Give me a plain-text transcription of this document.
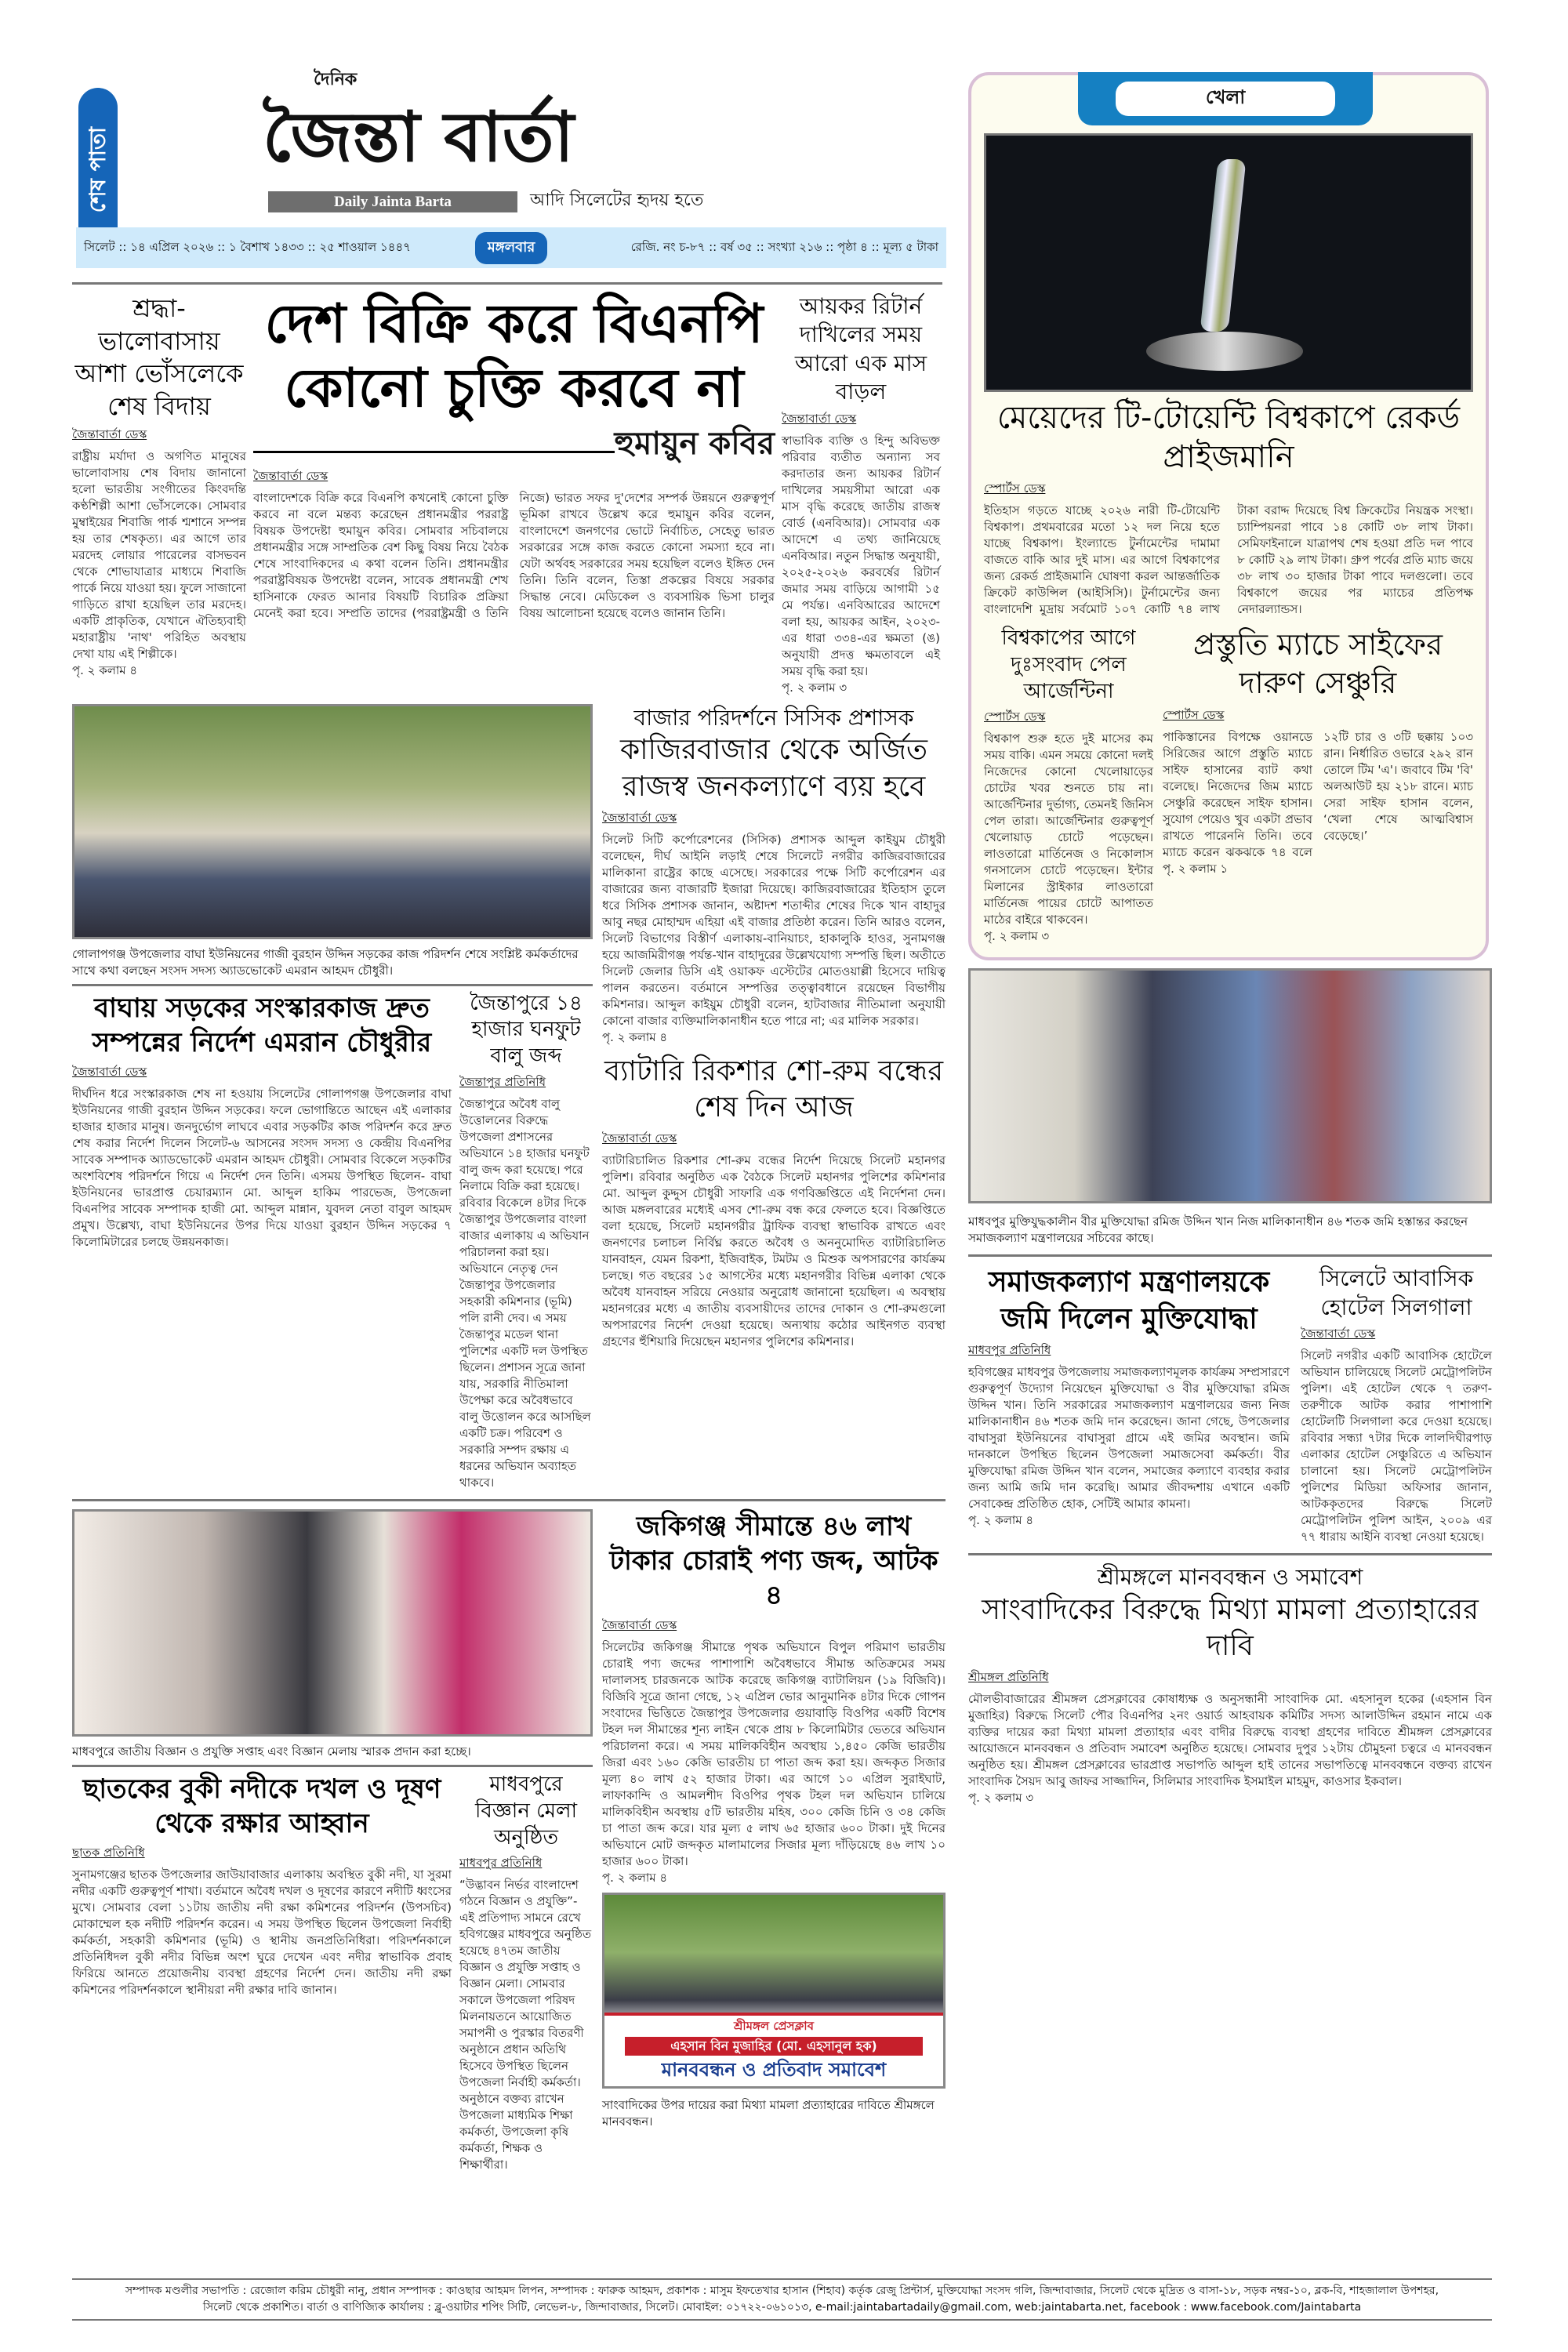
শেষ পাতা
দৈনিক
জৈন্তা বার্তা
Daily Jainta Barta	আদি সিলেটের হৃদয় হতে
সিলেট :: ১৪ এপ্রিল ২০২৬ :: ১ বৈশাখ ১৪৩৩ :: ২৫ শাওয়াল ১৪৪৭	মঙ্গলবার	রেজি. নং চ-৮৭ :: বর্ষ ৩৫ :: সংখ্যা ২১৬ :: পৃষ্ঠা ৪ :: মূল্য ৫ টাকা
শ্রদ্ধা-ভালোবাসায় আশা ভোঁসলেকে শেষ বিদায়
জৈন্তাবার্তা ডেস্ক

রাষ্ট্রীয় মর্যাদা ও অগণিত মানুষের ভালোবাসায় শেষ বিদায় জানানো হলো ভারতীয় সংগীতের কিংবদন্তি কণ্ঠশিল্পী আশা ভোঁসলেকে। সোমবার মুম্বাইয়ের শিবাজি পার্ক শ্মশানে সম্পন্ন হয় তার শেষকৃত্য। এর আগে তার মরদেহ লোয়ার পারেলের বাসভবন থেকে শোভাযাত্রার মাধ্যমে শিবাজি পার্কে নিয়ে যাওয়া হয়। ফুলে সাজানো গাড়িতে রাখা হয়েছিল তার মরদেহ। একটি প্রাকৃতিক, যেখানে ঐতিহ্যবাহী মহারাষ্ট্রীয় 'নাথ' পরিহিত অবস্থায় দেখা যায় এই শিল্পীকে।

পৃ. ২ কলাম ৪
দেশ বিক্রি করে বিএনপি কোনো চুক্তি করবে না
হুমায়ুন কবির
জৈন্তাবার্তা ডেস্ক

বাংলাদেশকে বিক্রি করে বিএনপি কখনোই কোনো চুক্তি করবে না বলে মন্তব্য করেছেন প্রধানমন্ত্রীর পররাষ্ট্র বিষয়ক উপদেষ্টা হুমায়ুন কবির। সোমবার সচিবালয়ে প্রধানমন্ত্রীর সঙ্গে সাম্প্রতিক বেশ কিছু বিষয় নিয়ে বৈঠক শেষে সাংবাদিকদের এ কথা বলেন তিনি। প্রধানমন্ত্রীর পররাষ্ট্রবিষয়ক উপদেষ্টা বলেন, সাবেক প্রধানমন্ত্রী শেখ হাসিনাকে ফেরত আনার বিষয়টি বিচারিক প্রক্রিয়া মেনেই করা হবে। সম্প্রতি তাদের (পররাষ্ট্রমন্ত্রী ও তিনি নিজে) ভারত সফর দু'দেশের সম্পর্ক উন্নয়নে গুরুত্বপূর্ণ ভূমিকা রাখবে উল্লেখ করে হুমায়ুন কবির বলেন, বাংলাদেশে জনগণের ভোটে নির্বাচিত, সেহেতু ভারত সরকারের সঙ্গে কাজ করতে কোনো সমস্যা হবে না। যেটা অর্থবহ সরকারের সময় হয়েছিল বলেও ইঙ্গিত দেন তিনি। তিনি বলেন, তিস্তা প্রকল্পের বিষয়ে সরকার সিদ্ধান্ত নেবে। মেডিকেল ও ব্যবসায়িক ভিসা চালুর বিষয় আলোচনা হয়েছে বলেও জানান তিনি।

আয়কর রিটার্ন দাখিলের সময় আরো এক মাস বাড়ল
জৈন্তাবার্তা ডেস্ক

স্বাভাবিক ব্যক্তি ও হিন্দু অবিভক্ত পরিবার ব্যতীত অন্যান্য সব করদাতার জন্য আয়কর রিটার্ন দাখিলের সময়সীমা আরো এক মাস বৃদ্ধি করেছে জাতীয় রাজস্ব বোর্ড (এনবিআর)। সোমবার এক আদেশে এ তথ্য জানিয়েছে এনবিআর। নতুন সিদ্ধান্ত অনুযায়ী, ২০২৫-২০২৬ করবর্ষের রিটার্ন জমার সময় বাড়িয়ে আগামী ১৫ মে পর্যন্ত। এনবিআরের আদেশে বলা হয়, আয়কর আইন, ২০২৩-এর ধারা ৩৩৪-এর ক্ষমতা (ঙ) অনুযায়ী প্রদত্ত ক্ষমতাবলে এই সময় বৃদ্ধি করা হয়।

পৃ. ২ কলাম ৩

গোলাপগঞ্জ উপজেলার বাঘা ইউনিয়নের গাজী বুরহান উদ্দিন সড়কের কাজ পরিদর্শন শেষে সংশ্লিষ্ট কর্মকর্তাদের সাথে কথা বলছেন সংসদ সদস্য অ্যাডভোকেট এমরান আহমদ চৌধুরী।

বাঘায় সড়কের সংস্কারকাজ দ্রুত সম্পন্নের নির্দেশ এমরান চৌধুরীর
জৈন্তাবার্তা ডেস্ক

দীর্ঘদিন ধরে সংস্কারকাজ শেষ না হওয়ায় সিলেটের গোলাপগঞ্জ উপজেলার বাঘা ইউনিয়নের গাজী বুরহান উদ্দিন সড়কের। ফলে ভোগান্তিতে আছেন এই এলাকার হাজার হাজার মানুষ। জনদুর্ভোগ লাঘবে এবার সড়কটির কাজ পরিদর্শন করে দ্রুত শেষ করার নির্দেশ দিলেন সিলেট-৬ আসনের সংসদ সদস্য ও কেন্দ্রীয় বিএনপির সাবেক সম্পাদক অ্যাডভোকেট এমরান আহমদ চৌধুরী। সোমবার বিকেলে সড়কটির অংশবিশেষ পরিদর্শনে গিয়ে এ নির্দেশ দেন তিনি। এসময় উপস্থিত ছিলেন- বাঘা ইউনিয়নের ভারপ্রাপ্ত চেয়ারম্যান মো. আব্দুল হাকিম পারভেজ, উপজেলা বিএনপির সাবেক সম্পাদক হাজী মো. আব্দুল মান্নান, যুবদল নেতা বাবুল আহমদ প্রমুখ। উল্লেখ্য, বাঘা ইউনিয়নের উপর দিয়ে যাওয়া বুরহান উদ্দিন সড়কের ৭ কিলোমিটারের চলছে উন্নয়নকাজ।

জৈন্তাপুরে ১৪ হাজার ঘনফুট বালু জব্দ
জৈন্তাপুর প্রতিনিধি

জৈন্তাপুরে অবৈধ বালু উত্তোলনের বিরুদ্ধে উপজেলা প্রশাসনের অভিযানে ১৪ হাজার ঘনফুট বালু জব্দ করা হয়েছে। পরে নিলামে বিক্রি করা হয়েছে। রবিবার বিকেলে ৪টার দিকে জৈন্তাপুর উপজেলার বাংলা বাজার এলাকায় এ অভিযান পরিচালনা করা হয়। অভিযানে নেতৃত্ব দেন জৈন্তাপুর উপজেলার সহকারী কমিশনার (ভূমি) পলি রানী দেব। এ সময় জৈন্তাপুর মডেল থানা পুলিশের একটি দল উপস্থিত ছিলেন। প্রশাসন সূত্রে জানা যায়, সরকারি নীতিমালা উপেক্ষা করে অবৈধভাবে বালু উত্তোলন করে আসছিল একটি চক্র। পরিবেশ ও সরকারি সম্পদ রক্ষায় এ ধরনের অভিযান অব্যাহত থাকবে।

বাজার পরিদর্শনে সিসিক প্রশাসক
কাজিরবাজার থেকে অর্জিত রাজস্ব জনকল্যাণে ব্যয় হবে
জৈন্তাবার্তা ডেস্ক

সিলেট সিটি কর্পোরেশনের (সিসিক) প্রশাসক আব্দুল কাইয়ুম চৌধুরী বলেছেন, দীর্ঘ আইনি লড়াই শেষে সিলেটে নগরীর কাজিরবাজারের মালিকানা রাষ্ট্রের কাছে এসেছে। সরকারের পক্ষে সিটি কর্পোরেশন এর বাজারের জন্য বাজারটি ইজারা দিয়েছে। কাজিরবাজারের ইতিহাস তুলে ধরে সিসিক প্রশাসক জানান, অষ্টাদশ শতাব্দীর শেষের দিকে খান বাহাদুর আবু নছর মোহাম্মদ এহিয়া এই বাজার প্রতিষ্ঠা করেন। তিনি আরও বলেন, সিলেট বিভাগের বিস্তীর্ণ এলাকায়-বানিয়াচং, হাকালুকি হাওর, সুনামগঞ্জ হয়ে আজমিরীগঞ্জ পর্যন্ত-খান বাহাদুরের উল্লেখযোগ্য সম্পত্তি ছিল। অতীতে সিলেট জেলার ডিসি এই ওয়াকফ এস্টেটের মোতওয়াল্লী হিসেবে দায়িত্ব পালন করতেন। বর্তমানে সম্পত্তির তত্ত্বাবধানে রয়েছেন বিভাগীয় কমিশনার। আব্দুল কাইয়ুম চৌধুরী বলেন, হাটবাজার নীতিমালা অনুযায়ী কোনো বাজার ব্যক্তিমালিকানাধীন হতে পারে না; এর মালিক সরকার।

পৃ. ২ কলাম ৪
ব্যাটারি রিকশার শো-রুম বন্ধের শেষ দিন আজ
জৈন্তাবার্তা ডেস্ক

ব্যাটারিচালিত রিকশার শো-রুম বন্ধের নির্দেশ দিয়েছে সিলেট মহানগর পুলিশ। রবিবার অনুষ্ঠিত এক বৈঠকে সিলেট মহানগর পুলিশের কমিশনার মো. আব্দুল কুদ্দুস চৌধুরী সাফারি এক গণবিজ্ঞপ্তিতে এই নির্দেশনা দেন। আজ মঙ্গলবারের মধ্যেই এসব শো-রুম বন্ধ করে ফেলতে হবে। বিজ্ঞপ্তিতে বলা হয়েছে, সিলেট মহানগরীর ট্রাফিক ব্যবস্থা স্বাভাবিক রাখতে এবং জনগণের চলাচল নির্বিঘ্ন করতে অবৈধ ও অননুমোদিত ব্যাটারিচালিত যানবাহন, যেমন রিকশা, ইজিবাইক, টমটম ও মিশুক অপসারণের কার্যক্রম চলছে। গত বছরের ১৫ আগস্টের মধ্যে মহানগরীর বিভিন্ন এলাকা থেকে অবৈধ যানবাহন সরিয়ে নেওয়ার অনুরোধ জানানো হয়েছিল। এ অবস্থায় মহানগরের মধ্যে এ জাতীয় ব্যবসায়ীদের তাদের দোকান ও শো-রুমগুলো অপসারণের নির্দেশ দেওয়া হয়েছে। অন্যথায় কঠোর আইনগত ব্যবস্থা গ্রহণের হুঁশিয়ারি দিয়েছেন মহানগর পুলিশের কমিশনার।

মাধবপুরে জাতীয় বিজ্ঞান ও প্রযুক্তি সপ্তাহ এবং বিজ্ঞান মেলায় স্মারক প্রদান করা হচ্ছে।

ছাতকের বুকী নদীকে দখল ও দূষণ থেকে রক্ষার আহ্বান
ছাতক প্রতিনিধি

সুনামগঞ্জের ছাতক উপজেলার জাউয়াবাজার এলাকায় অবস্থিত বুকী নদী, যা সুরমা নদীর একটি গুরুত্বপূর্ণ শাখা। বর্তমানে অবৈধ দখল ও দূষণের কারণে নদীটি ধ্বংসের মুখে। সোমবার বেলা ১১টায় জাতীয় নদী রক্ষা কমিশনের পরিদর্শন (উপসচিব) মোকাম্মেল হক নদীটি পরিদর্শন করেন। এ সময় উপস্থিত ছিলেন উপজেলা নির্বাহী কর্মকর্তা, সহকারী কমিশনার (ভূমি) ও স্থানীয় জনপ্রতিনিধিরা। পরিদর্শনকালে প্রতিনিধিদল বুকী নদীর বিভিন্ন অংশ ঘুরে দেখেন এবং নদীর স্বাভাবিক প্রবাহ ফিরিয়ে আনতে প্রয়োজনীয় ব্যবস্থা গ্রহণের নির্দেশ দেন। জাতীয় নদী রক্ষা কমিশনের পরিদর্শনকালে স্থানীয়রা নদী রক্ষার দাবি জানান।

মাধবপুরে বিজ্ঞান মেলা অনুষ্ঠিত
মাধবপুর প্রতিনিধি

“উদ্ভাবন নির্ভর বাংলাদেশ গঠনে বিজ্ঞান ও প্রযুক্তি”- এই প্রতিপাদ্য সামনে রেখে হবিগঞ্জের মাধবপুরে অনুষ্ঠিত হয়েছে ৪৭তম জাতীয় বিজ্ঞান ও প্রযুক্তি সপ্তাহ ও বিজ্ঞান মেলা। সোমবার সকালে উপজেলা পরিষদ মিলনায়তনে আয়োজিত সমাপনী ও পুরস্কার বিতরণী অনুষ্ঠানে প্রধান অতিথি হিসেবে উপস্থিত ছিলেন উপজেলা নির্বাহী কর্মকর্তা। অনুষ্ঠানে বক্তব্য রাখেন উপজেলা মাধ্যমিক শিক্ষা কর্মকর্তা, উপজেলা কৃষি কর্মকর্তা, শিক্ষক ও শিক্ষার্থীরা।

জকিগঞ্জ সীমান্তে ৪৬ লাখ টাকার চোরাই পণ্য জব্দ, আটক ৪
জৈন্তাবার্তা ডেস্ক

সিলেটের জকিগঞ্জ সীমান্তে পৃথক অভিযানে বিপুল পরিমাণ ভারতীয় চোরাই পণ্য জব্দের পাশাপাশি অবৈধভাবে সীমান্ত অতিক্রমের সময় দালালসহ চারজনকে আটক করেছে জকিগঞ্জ ব্যাটালিয়ন (১৯ বিজিবি)। বিজিবি সূত্রে জানা গেছে, ১২ এপ্রিল ভোর আনুমানিক ৪টার দিকে গোপন সংবাদের ভিত্তিতে জৈন্তাপুর উপজেলার গুয়াবাড়ি বিওপির একটি বিশেষ টহল দল সীমান্তের শূন্য লাইন থেকে প্রায় ৮ কিলোমিটার ভেতরে অভিযান পরিচালনা করে। এ সময় মালিকবিহীন অবস্থায় ১,৪৫০ কেজি ভারতীয় জিরা এবং ১৬০ কেজি ভারতীয় চা পাতা জব্দ করা হয়। জব্দকৃত সিজার মূল্য ৪০ লাখ ৫২ হাজার টাকা। এর আগে ১০ এপ্রিল সুরাইঘাট, লাফাকান্দি ও আমলশীদ বিওপির পৃথক টহল দল অভিযান চালিয়ে মালিকবিহীন অবস্থায় ৫টি ভারতীয় মহিষ, ৩০০ কেজি চিনি ও ৩৪ কেজি চা পাতা জব্দ করে। যার মূল্য ৫ লাখ ৬৫ হাজার ৬০০ টাকা। দুই দিনের অভিযানে মোট জব্দকৃত মালামালের সিজার মূল্য দাঁড়িয়েছে ৪৬ লাখ ১০ হাজার ৬০০ টাকা।

পৃ. ২ কলাম ৪
শ্রীমঙ্গল প্রেসক্লাব
এহসান বিন মুজাহির (মো. এহসানুল হক)
মানববন্ধন ও প্রতিবাদ সমাবেশ

সাংবাদিকের উপর দায়ের করা মিথ্যা মামলা প্রত্যাহারের দাবিতে শ্রীমঙ্গলে মানববন্ধন।

খেলা
মেয়েদের টি-টোয়েন্টি বিশ্বকাপে রেকর্ড প্রাইজমানি
স্পোর্টস ডেস্ক

ইতিহাস গড়তে যাচ্ছে ২০২৬ নারী টি-টোয়েন্টি বিশ্বকাপ। প্রথমবারের মতো ১২ দল নিয়ে হতে যাচ্ছে বিশ্বকাপ। ইংল্যান্ডে টুর্নামেন্টের দামামা বাজতে বাকি আর দুই মাস। এর আগে বিশ্বকাপের জন্য রেকর্ড প্রাইজমানি ঘোষণা করল আন্তর্জাতিক ক্রিকেট কাউন্সিল (আইসিসি)। টুর্নামেন্টের জন্য বাংলাদেশি মুদ্রায় সর্বমোট ১০৭ কোটি ৭৪ লাখ টাকা বরাদ্দ দিয়েছে বিশ্ব ক্রিকেটের নিয়ন্ত্রক সংস্থা। চ্যাম্পিয়নরা পাবে ১৪ কোটি ৩৮ লাখ টাকা। সেমিফাইনালে যাত্রাপথ শেষ হওয়া প্রতি দল পাবে ৮ কোটি ২৯ লাখ টাকা। গ্রুপ পর্বের প্রতি ম্যাচ জয়ে ৩৮ লাখ ৩০ হাজার টাকা পাবে দলগুলো। তবে বিশ্বকাপে জয়ের পর ম্যাচের প্রতিপক্ষ নেদারল্যান্ডস।

বিশ্বকাপের আগে দুঃসংবাদ পেল আর্জেন্টিনা
স্পোর্টস ডেস্ক

বিশ্বকাপ শুরু হতে দুই মাসের কম সময় বাকি। এমন সময়ে কোনো দলই নিজেদের কোনো খেলোয়াড়ের চোটের খবর শুনতে চায় না। আর্জেন্টিনার দুর্ভাগ্য, তেমনই জিনিস পেল তারা। আর্জেন্টিনার গুরুত্বপূর্ণ খেলোয়াড় চোটে পড়েছেন। লাওতারো মার্তিনেজ ও নিকোলাস গনসালেস চোটে পড়েছেন। ইন্টার মিলানের স্ট্রাইকার লাওতারো মার্তিনেজ পায়ের চোটে আপাতত মাঠের বাইরে থাকবেন।

পৃ. ২ কলাম ৩
প্রস্তুতি ম্যাচে সাইফের দারুণ সেঞ্চুরি
স্পোর্টস ডেস্ক

পাকিস্তানের বিপক্ষে ওয়ানডে সিরিজের আগে প্রস্তুতি ম্যাচে সাইফ হাসানের ব্যাট কথা বলেছে। নিজেদের জিম ম্যাচে সেঞ্চুরি করেছেন সাইফ হাসান। সুযোগ পেয়েও খুব একটা প্রভাব রাখতে পারেননি তিনি। তবে ম্যাচে করেন ঝকঝকে ৭৪ বলে ১২টি চার ও ৩টি ছক্কায় ১০৩ রান। নির্ধারিত ওভারে ২৯২ রান তোলে টিম 'এ'। জবাবে টিম 'বি' অলআউট হয় ২১৮ রানে। ম্যাচ সেরা সাইফ হাসান বলেন, ‘খেলা শেষে আত্মবিশ্বাস বেড়েছে।’

পৃ. ২ কলাম ১

মাধবপুর মুক্তিযুদ্ধকালীন বীর মুক্তিযোদ্ধা রমিজ উদ্দিন খান নিজ মালিকানাধীন ৪৬ শতক জমি হস্তান্তর করছেন সমাজকল্যাণ মন্ত্রণালয়ের সচিবের কাছে।

সমাজকল্যাণ মন্ত্রণালয়কে জমি দিলেন মুক্তিযোদ্ধা
মাধবপুর প্রতিনিধি

হবিগঞ্জের মাধবপুর উপজেলায় সমাজকল্যাণমূলক কার্যক্রম সম্প্রসারণে গুরুত্বপূর্ণ উদ্যোগ নিয়েছেন মুক্তিযোদ্ধা ও বীর মুক্তিযোদ্ধা রমিজ উদ্দিন খান। তিনি সরকারের সমাজকল্যাণ মন্ত্রণালয়ের জন্য নিজ মালিকানাধীন ৪৬ শতক জমি দান করেছেন। জানা গেছে, উপজেলার বাঘাসুরা ইউনিয়নের বাঘাসুরা গ্রামে এই জমির অবস্থান। জমি দানকালে উপস্থিত ছিলেন উপজেলা সমাজসেবা কর্মকর্তা। বীর মুক্তিযোদ্ধা রমিজ উদ্দিন খান বলেন, সমাজের কল্যাণে ব্যবহার করার জন্য আমি জমি দান করেছি। আমার জীবদ্দশায় এখানে একটি সেবাকেন্দ্র প্রতিষ্ঠিত হোক, সেটিই আমার কামনা।

পৃ. ২ কলাম ৪
সিলেটে আবাসিক হোটেল সিলগালা
জৈন্তাবার্তা ডেস্ক

সিলেট নগরীর একটি আবাসিক হোটেলে অভিযান চালিয়েছে সিলেট মেট্রোপলিটন পুলিশ। এই হোটেল থেকে ৭ তরুণ-তরুণীকে আটক করার পাশাপাশি হোটেলটি সিলগালা করে দেওয়া হয়েছে। রবিবার সন্ধ্যা ৭টার দিকে লালদিঘীরপাড় এলাকার হোটেল সেঞ্চুরিতে এ অভিযান চালানো হয়। সিলেট মেট্রোপলিটন পুলিশের মিডিয়া অফিসার জানান, আটককৃতদের বিরুদ্ধে সিলেট মেট্রোপলিটন পুলিশ আইন, ২০০৯ এর ৭৭ ধারায় আইনি ব্যবস্থা নেওয়া হয়েছে।

শ্রীমঙ্গলে মানববন্ধন ও সমাবেশ
সাংবাদিকের বিরুদ্ধে মিথ্যা মামলা প্রত্যাহারের দাবি
শ্রীমঙ্গল প্রতিনিধি

মৌলভীবাজারের শ্রীমঙ্গল প্রেসক্লাবের কোষাধ্যক্ষ ও অনুসন্ধানী সাংবাদিক মো. এহসানুল হকের (এহসান বিন মুজাহির) বিরুদ্ধে সিলেট পৌর বিএনপির ২নং ওয়ার্ড আহবায়ক কমিটির সদস্য আলাউদ্দিন রহমান নামে এক ব্যক্তির দায়ের করা মিথ্যা মামলা প্রত্যাহার এবং বাদীর বিরুদ্ধে ব্যবস্থা গ্রহণের দাবিতে শ্রীমঙ্গল প্রেসক্লাবের আয়োজনে মানববন্ধন ও প্রতিবাদ সমাবেশ অনুষ্ঠিত হয়েছে। সোমবার দুপুর ১২টায় চৌমুহনা চত্বরে এ মানববন্ধন অনুষ্ঠিত হয়। শ্রীমঙ্গল প্রেসক্লাবের ভারপ্রাপ্ত সভাপতি আব্দুল হাই তানের সভাপতিত্বে মানববন্ধনে বক্তব্য রাখেন সাংবাদিক সৈয়দ আবু জাফর সাজ্জাদিন, সিলিমার সাংবাদিক ইসমাইল মাহমুদ, কাওসার ইকবাল।

পৃ. ২ কলাম ৩
সম্পাদক মণ্ডলীর সভাপতি : রেজোল করিম চৌধুরী নানু, প্রধান সম্পাদক : কাওছার আহমদ লিপন, সম্পাদক : ফারুক আহমদ, প্রকাশক : মাসুম ইফতেখার হাসান (শিহাব) কর্তৃক রেজু প্রিন্টার্স, মুক্তিযোদ্ধা সংসদ গলি, জিন্দাবাজার, সিলেট থেকে মুদ্রিত ও বাসা-১৮, সড়ক নম্বর-১০, ব্লক-বি, শাহজালাল উপশহর,
সিলেট থেকে প্রকাশিত। বার্তা ও বাণিজ্যিক কার্যালয় : ব্লু-ওয়াটার শপিং সিটি, লেভেল-৮, জিন্দাবাজার, সিলেট। মোবাইল: ০১৭২২-০৬১০১৩, e-mail:jaintabartadaily@gmail.com, web:jaintabarta.net, facebook : www.facebook.com/Jaintabarta
